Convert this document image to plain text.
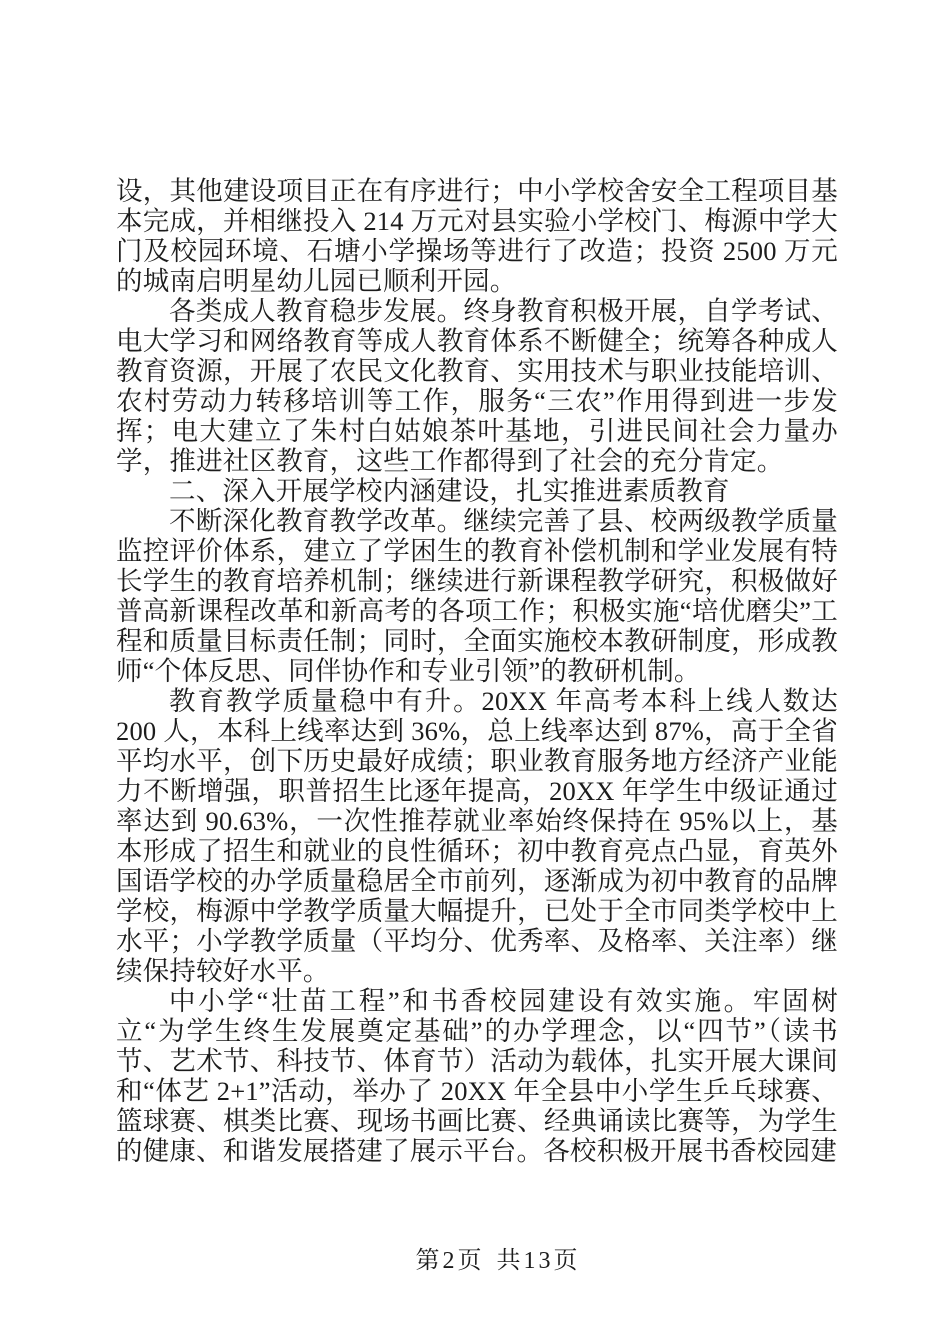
设，其他建设项目正在有序进行；中小学校舍安全工程项目基本完成，并相继投入 214 万元对县实验小学校门、梅源中学大门及校园环境、石塘小学操场等进行了改造；投资 2500 万元的城南启明星幼儿园已顺利开园。

各类成人教育稳步发展。终身教育积极开展，自学考试、电大学习和网络教育等成人教育体系不断健全；统筹各种成人教育资源，开展了农民文化教育、实用技术与职业技能培训、农村劳动力转移培训等工作，服务“三农”作用得到进一步发挥；电大建立了朱村白姑娘茶叶基地，引进民间社会力量办学，推进社区教育，这些工作都得到了社会的充分肯定。

二、深入开展学校内涵建设，扎实推进素质教育

不断深化教育教学改革。继续完善了县、校两级教学质量监控评价体系，建立了学困生的教育补偿机制和学业发展有特长学生的教育培养机制；继续进行新课程教学研究，积极做好普高新课程改革和新高考的各项工作；积极实施“培优磨尖”工程和质量目标责任制；同时，全面实施校本教研制度，形成教师“个体反思、同伴协作和专业引领”的教研机制。

教育教学质量稳中有升。20XX 年高考本科上线人数达 200 人，本科上线率达到 36%，总上线率达到 87%，高于全省平均水平，创下历史最好成绩；职业教育服务地方经济产业能力不断增强，职普招生比逐年提高，20XX 年学生中级证通过率达到 90.63%，一次性推荐就业率始终保持在 95%以上，基本形成了招生和就业的良性循环；初中教育亮点凸显，育英外国语学校的办学质量稳居全市前列，逐渐成为初中教育的品牌学校，梅源中学教学质量大幅提升，已处于全市同类学校中上水平；小学教学质量（平均分、优秀率、及格率、关注率）继续保持较好水平。

中小学“壮苗工程”和书香校园建设有效实施。牢固树立“为学生终生发展奠定基础”的办学理念，以“四节”（读书节、艺术节、科技节、体育节）活动为载体，扎实开展大课间和“体艺 2+1”活动，举办了 20XX 年全县中小学生乒乓球赛、篮球赛、棋类比赛、现场书画比赛、经典诵读比赛等，为学生的健康、和谐发展搭建了展示平台。各校积极开展书香校园建

第2页 共13页
